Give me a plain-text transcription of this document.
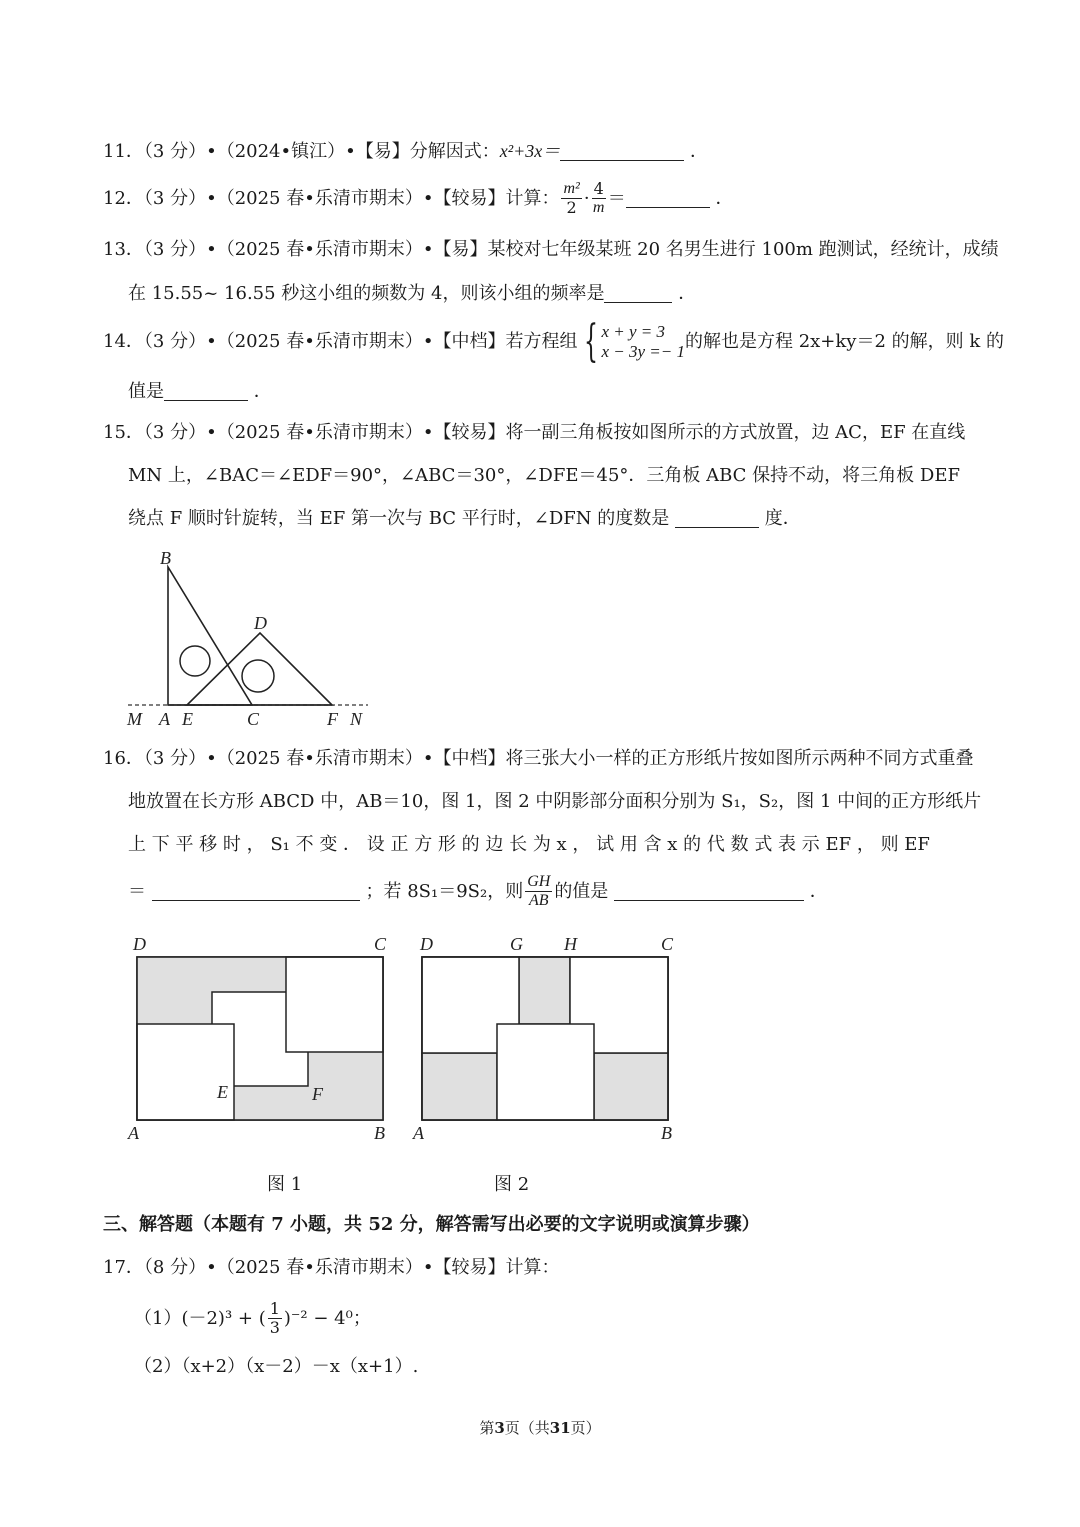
11．（3 分）•（2024•镇江）•【易】分解因式：x²+3x＝	．
12．（3 分）•（2025 春•乐清市期末）•【较易】计算： $\frac{\text{m²}}{2} \cdot \frac{4}{m}$ ＝	．
13．（3 分）•（2025 春•乐清市期末）•【易】某校对七年级某班 20 名男生进行 100m 跑测试，经统计，成绩
在 15.55~ 16.55 秒这小组的频数为 4，则该小组的频率是	．
14．（3 分）•（2025 春•乐清市期末）•【中档】若方程组 { x + y = 3
x − 3y =− 1 的解也是方程 2x+ky＝2 的解，则 k 的
值是	．
15．（3 分）•（2025 春•乐清市期末）•【较易】将一副三角板按如图所示的方式放置，边 AC，EF 在直线
MN 上，∠BAC＝∠EDF＝90°，∠ABC＝30°，∠DFE＝45°．三角板 ABC 保持不动，将三角板 DEF
绕点 F 顺时针旋转，当 EF 第一次与 BC 平行时，∠DFN 的度数是	度．
B
D
M A E	C	F N
16．（3 分）•（2025 春•乐清市期末）•【中档】将三张大小一样的正方形纸片按如图所示两种不同方式重叠
地放置在长方形 ABCD 中，AB＝10，图 1，图 2 中阴影部分面积分别为 S₁，S₂，图 1 中间的正方形纸片
上 下 平 移 时 ， S₁ 不 变 ． 设 正 方 形 的 边 长 为 x ， 试 用 含 x 的 代 数 式 表 示 EF ， 则 EF
＝	；若 8S₁＝9S₂，则 $\frac{GH}{AB}$ 的值是	．
D	C
A	B
E	F
图 1
D	G H	C
A	B
图 2
三、解答题（本题有 7 小题，共 52 分，解答需写出必要的文字说明或演算步骤）
17．（8 分）•（2025 春•乐清市期末）•【较易】计算：
（1）(－2)³ + ( $\frac{1}{3} )^{-2} - 4^0$；
（2）（x+2）（x－2）－x（x+1）.
第3页（共31页）
